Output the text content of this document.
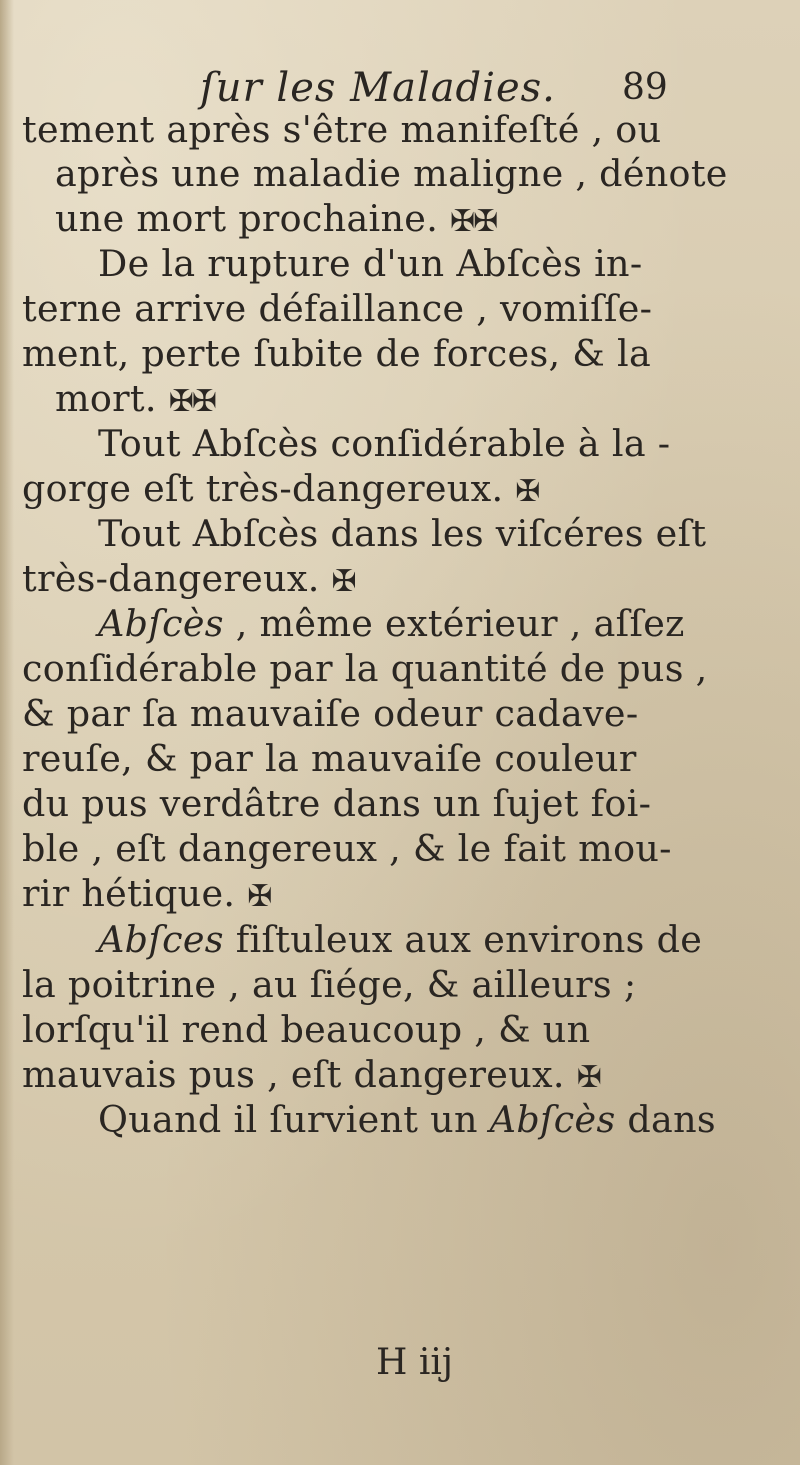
ſur les Maladies. 89
tement après s'être manifeſté , ou
après une maladie maligne , dénote
une mort prochaine. ✠✠
De la rupture d'un Abſcès in-
terne arrive défaillance , vomiſſe-
ment, perte ſubite de forces, & la
mort. ✠✠
Tout Abſcès conſidérable à la -
gorge eſt très-dangereux. ✠
Tout Abſcès dans les viſcéres eſt
très-dangereux. ✠
Abſcès , même extérieur , aſſez
conſidérable par la quantité de pus ,
& par ſa mauvaiſe odeur cadave-
reuſe, & par la mauvaiſe couleur
du pus verdâtre dans un ſujet foi-
ble , eſt dangereux , & le fait mou-
rir hétique. ✠
Abſces fiſtuleux aux environs de
la poitrine , au ſiége, & ailleurs ;
lorſqu'il rend beaucoup , & un
mauvais pus , eſt dangereux. ✠
Quand il ſurvient un Abſcès dans
H iij
